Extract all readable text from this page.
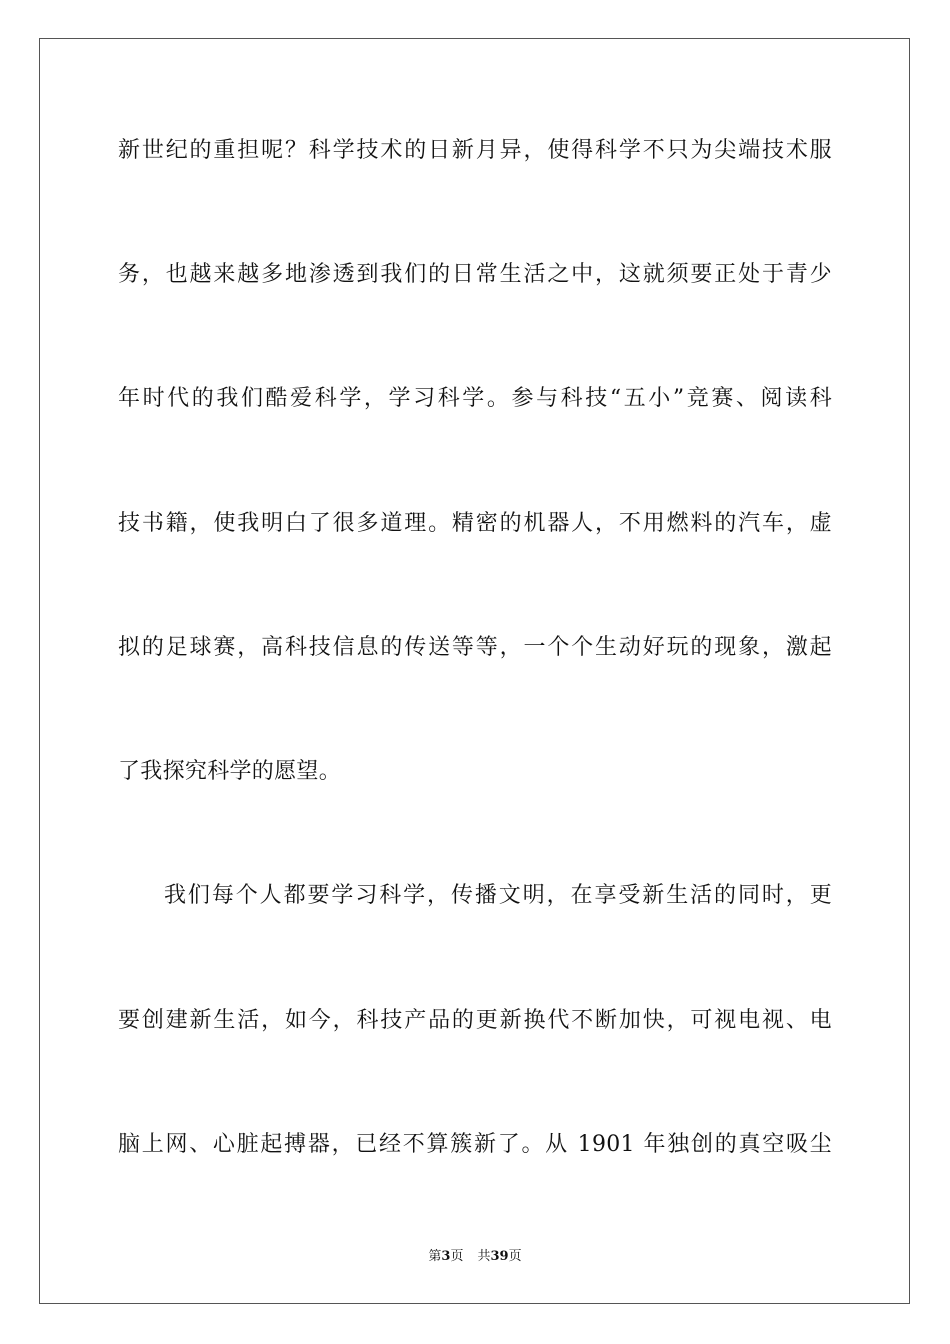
新世纪的重担呢？科学技术的日新月异，使得科学不只为尖端技术服
务，也越来越多地渗透到我们的日常生活之中，这就须要正处于青少
年时代的我们酷爱科学，学习科学。参与科技“五小”竞赛、阅读科
技书籍，使我明白了很多道理。精密的机器人，不用燃料的汽车，虚
拟的足球赛，高科技信息的传送等等，一个个生动好玩的现象，激起
了我探究科学的愿望。
我们每个人都要学习科学，传播文明，在享受新生活的同时，更
要创建新生活，如今，科技产品的更新换代不断加快，可视电视、电
脑上网、心脏起搏器，已经不算簇新了。从 1901 年独创的真空吸尘
第3页 共39页
